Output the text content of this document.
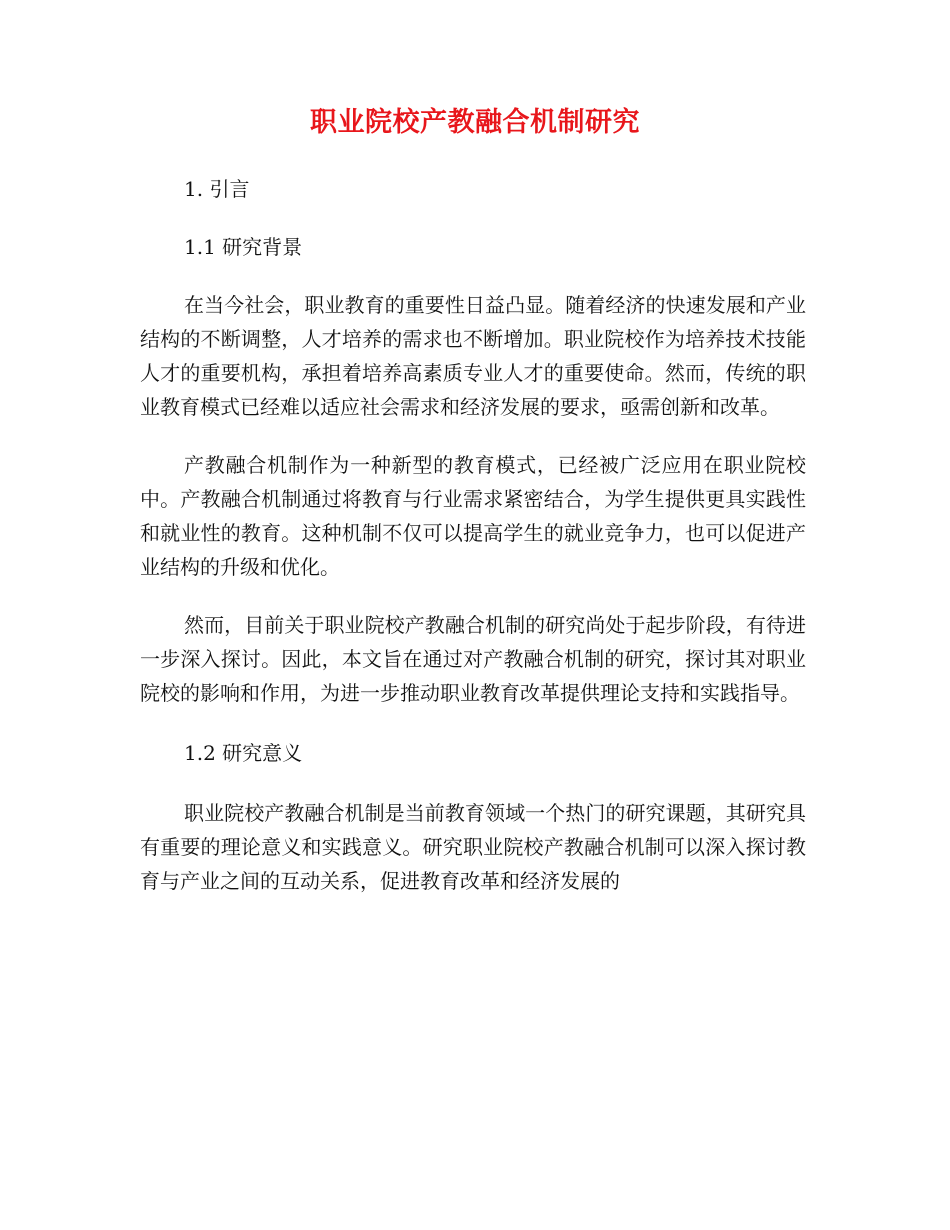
职业院校产教融合机制研究

1. 引言

1.1 研究背景

在当今社会，职业教育的重要性日益凸显。随着经济的快速发展和产业结构的不断调整，人才培养的需求也不断增加。职业院校作为培养技术技能人才的重要机构，承担着培养高素质专业人才的重要使命。然而，传统的职业教育模式已经难以适应社会需求和经济发展的要求，亟需创新和改革。

产教融合机制作为一种新型的教育模式，已经被广泛应用在职业院校中。产教融合机制通过将教育与行业需求紧密结合，为学生提供更具实践性和就业性的教育。这种机制不仅可以提高学生的就业竞争力，也可以促进产业结构的升级和优化。

然而，目前关于职业院校产教融合机制的研究尚处于起步阶段，有待进一步深入探讨。因此，本文旨在通过对产教融合机制的研究，探讨其对职业院校的影响和作用，为进一步推动职业教育改革提供理论支持和实践指导。

1.2 研究意义

职业院校产教融合机制是当前教育领域一个热门的研究课题，其研究具有重要的理论意义和实践意义。研究职业院校产教融合机制可以深入探讨教育与产业之间的互动关系，促进教育改革和经济发展的
